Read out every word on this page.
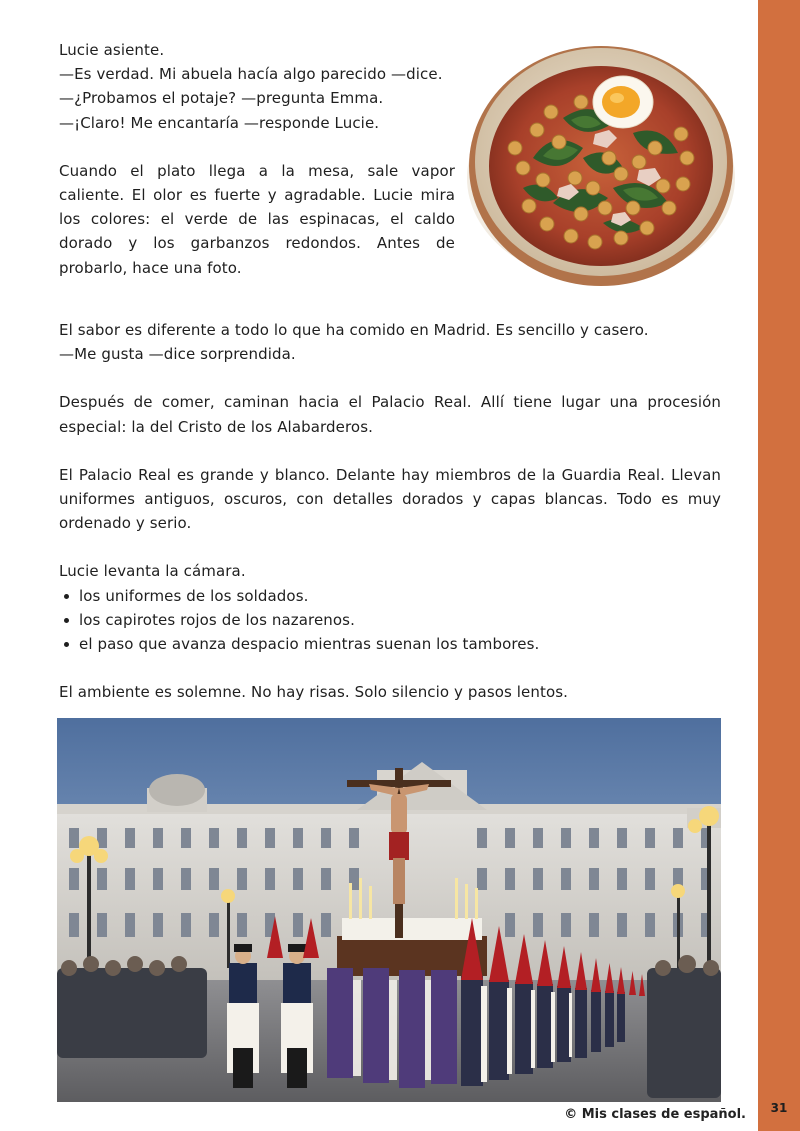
31

Lucie asiente.

—Es verdad. Mi abuela hacía algo parecido —dice.

—¿Probamos el potaje? —pregunta Emma.

—¡Claro! Me encantaría —responde Lucie.

Cuando el plato llega a la mesa, sale vapor caliente. El olor es fuerte y agradable. Lucie mira los colores: el verde de las espinacas, el caldo dorado y los garbanzos redondos. Antes de probarlo, hace una foto.

El sabor es diferente a todo lo que ha comido en Madrid. Es sencillo y casero.

—Me gusta —dice sorprendida.

Después de comer, caminan hacia el Palacio Real. Allí tiene lugar una procesión especial: la del Cristo de los Alabarderos.

El Palacio Real es grande y blanco. Delante hay miembros de la Guardia Real. Llevan uniformes antiguos, oscuros, con detalles dorados y capas blancas. Todo es muy ordenado y serio.

Lucie levanta la cámara.

los uniformes de los soldados.
los capirotes rojos de los nazarenos.
el paso que avanza despacio mientras suenan los tambores.

El ambiente es solemne. No hay risas. Solo silencio y pasos lentos.

© Mis clases de español.
